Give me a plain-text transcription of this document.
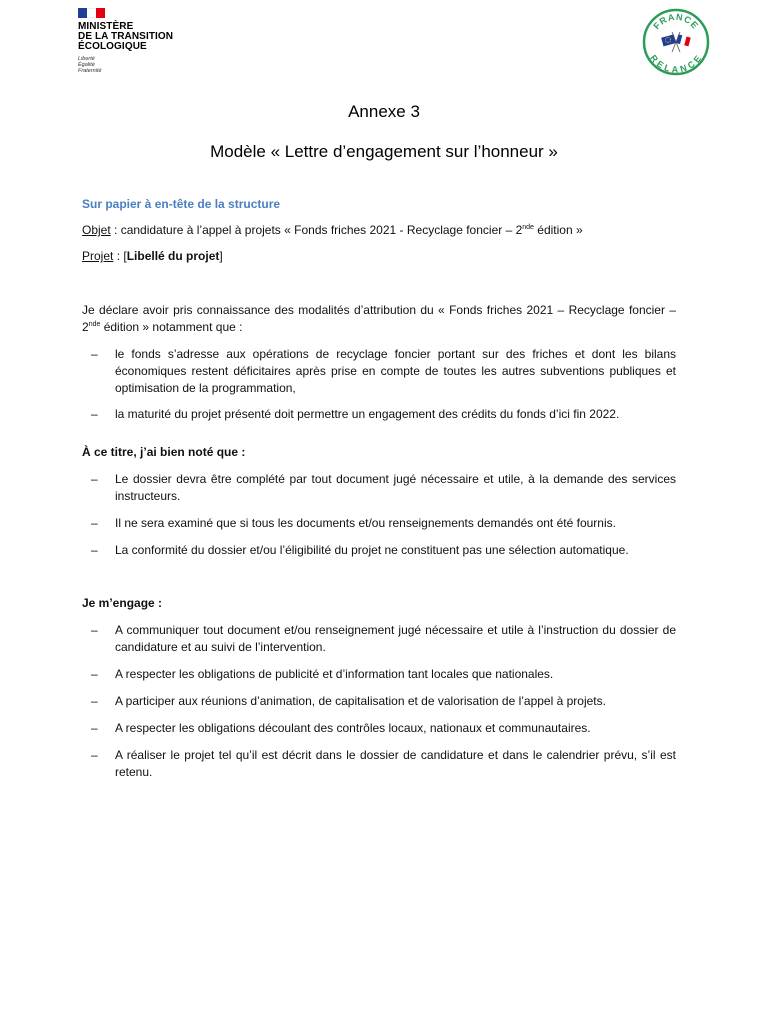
MINISTÈRE
DE LA TRANSITION
ÉCOLOGIQUE
Liberté
Égalité
Fraternité
FRANCE
RELANCE
Annexe 3
Modèle « Lettre d’engagement sur l’honneur »

Sur papier à en-tête de la structure

Objet : candidature à l’appel à projets « Fonds friches 2021 - Recyclage foncier – 2nde édition »

Projet : [Libellé du projet]

Je déclare avoir pris connaissance des modalités d’attribution du « Fonds friches 2021 – Recyclage foncier – 2nde édition » notamment que :

– le fonds s’adresse aux opérations de recyclage foncier portant sur des friches et dont les bilans économiques restent déficitaires après prise en compte de toutes les autres subventions publiques et optimisation de la programmation,
– la maturité du projet présenté doit permettre un engagement des crédits du fonds d’ici fin 2022.

À ce titre, j’ai bien noté que :

– Le dossier devra être complété par tout document jugé nécessaire et utile, à la demande des services instructeurs.
– Il ne sera examiné que si tous les documents et/ou renseignements demandés ont été fournis.
– La conformité du dossier et/ou l’éligibilité du projet ne constituent pas une sélection automatique.

Je m’engage :

– A communiquer tout document et/ou renseignement jugé nécessaire et utile à l’instruction du dossier de candidature et au suivi de l’intervention.
– A respecter les obligations de publicité et d’information tant locales que nationales.
– A participer aux réunions d’animation, de capitalisation et de valorisation de l’appel à projets.
– A respecter les obligations découlant des contrôles locaux, nationaux et communautaires.
– A réaliser le projet tel qu’il est décrit dans le dossier de candidature et dans le calendrier prévu, s’il est retenu.
